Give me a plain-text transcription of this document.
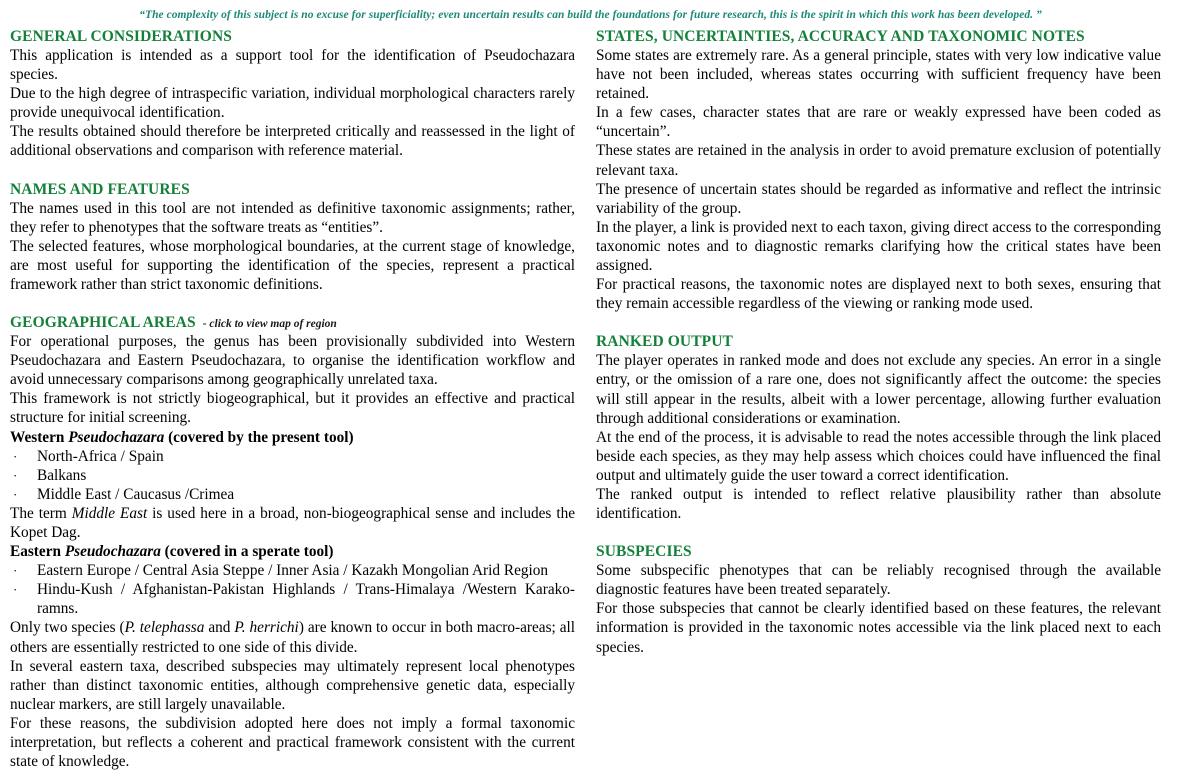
“The complexity of this subject is no excuse for superficiality; even uncertain results can build the foundations for future research, this is the spirit in which this work has been developed. ”
GENERAL CONSIDERATIONS

This application is intended as a support tool for the identification of Pseudochazara species.

Due to the high degree of intraspecific variation, individual morphological characters rarely provide unequivocal identification.

The results obtained should therefore be interpreted critically and reassessed in the light of additional observations and comparison with reference material.

NAMES AND FEATURES

The names used in this tool are not intended as definitive taxonomic assignments; rather, they refer to phenotypes that the software treats as “entities”.

The selected features, whose morphological boundaries, at the current stage of knowledge, are most useful for supporting the identification of the species, represent a practical framework rather than strict taxonomic definitions.

GEOGRAPHICAL AREAS - click to view map of region

For operational purposes, the genus has been provisionally subdivided into Western Pseudochazara and Eastern Pseudochazara, to organise the identification workflow and avoid unnecessary comparisons among geographically unrelated taxa.

This framework is not strictly biogeographical, but it provides an effective and practical structure for initial screening.

Western Pseudochazara (covered by the present tool)
· North-Africa / Spain
· Balkans
· Middle East / Caucasus /Crimea

The term Middle East is used here in a broad, non-biogeographical sense and includes the Kopet Dag.

Eastern Pseudochazara (covered in a sperate tool)
· Eastern Europe / Central Asia Steppe / Inner Asia / Kazakh Mongolian Arid Region
· Hindu-Kush / Afghanistan-Pakistan Highlands / Trans-Himalaya /Western Karako-ramns.

Only two species (P. telephassa and P. herrichi) are known to occur in both macro-areas; all others are essentially restricted to one side of this divide.

In several eastern taxa, described subspecies may ultimately represent local phenotypes rather than distinct taxonomic entities, although comprehensive genetic data, especially nuclear markers, are still largely unavailable.

For these reasons, the subdivision adopted here does not imply a formal taxonomic interpretation, but reflects a coherent and practical framework consistent with the current state of knowledge.

STATES, UNCERTAINTIES, ACCURACY AND TAXONOMIC NOTES

Some states are extremely rare. As a general principle, states with very low indicative value have not been included, whereas states occurring with sufficient frequency have been retained.

In a few cases, character states that are rare or weakly expressed have been coded as “uncertain”.

These states are retained in the analysis in order to avoid premature exclusion of potentially relevant taxa.

The presence of uncertain states should be regarded as informative and reflect the intrinsic variability of the group.

In the player, a link is provided next to each taxon, giving direct access to the corresponding taxonomic notes and to diagnostic remarks clarifying how the critical states have been assigned.

For practical reasons, the taxonomic notes are displayed next to both sexes, ensuring that they remain accessible regardless of the viewing or ranking mode used.

RANKED OUTPUT

The player operates in ranked mode and does not exclude any species. An error in a single entry, or the omission of a rare one, does not significantly affect the outcome: the species will still appear in the results, albeit with a lower percentage, allowing further evaluation through additional considerations or examination.

At the end of the process, it is advisable to read the notes accessible through the link placed beside each species, as they may help assess which choices could have influenced the final output and ultimately guide the user toward a correct identification.

The ranked output is intended to reflect relative plausibility rather than absolute identification.

SUBSPECIES

Some subspecific phenotypes that can be reliably recognised through the available diagnostic features have been treated separately.

For those subspecies that cannot be clearly identified based on these features, the relevant information is provided in the taxonomic notes accessible via the link placed next to each species.
